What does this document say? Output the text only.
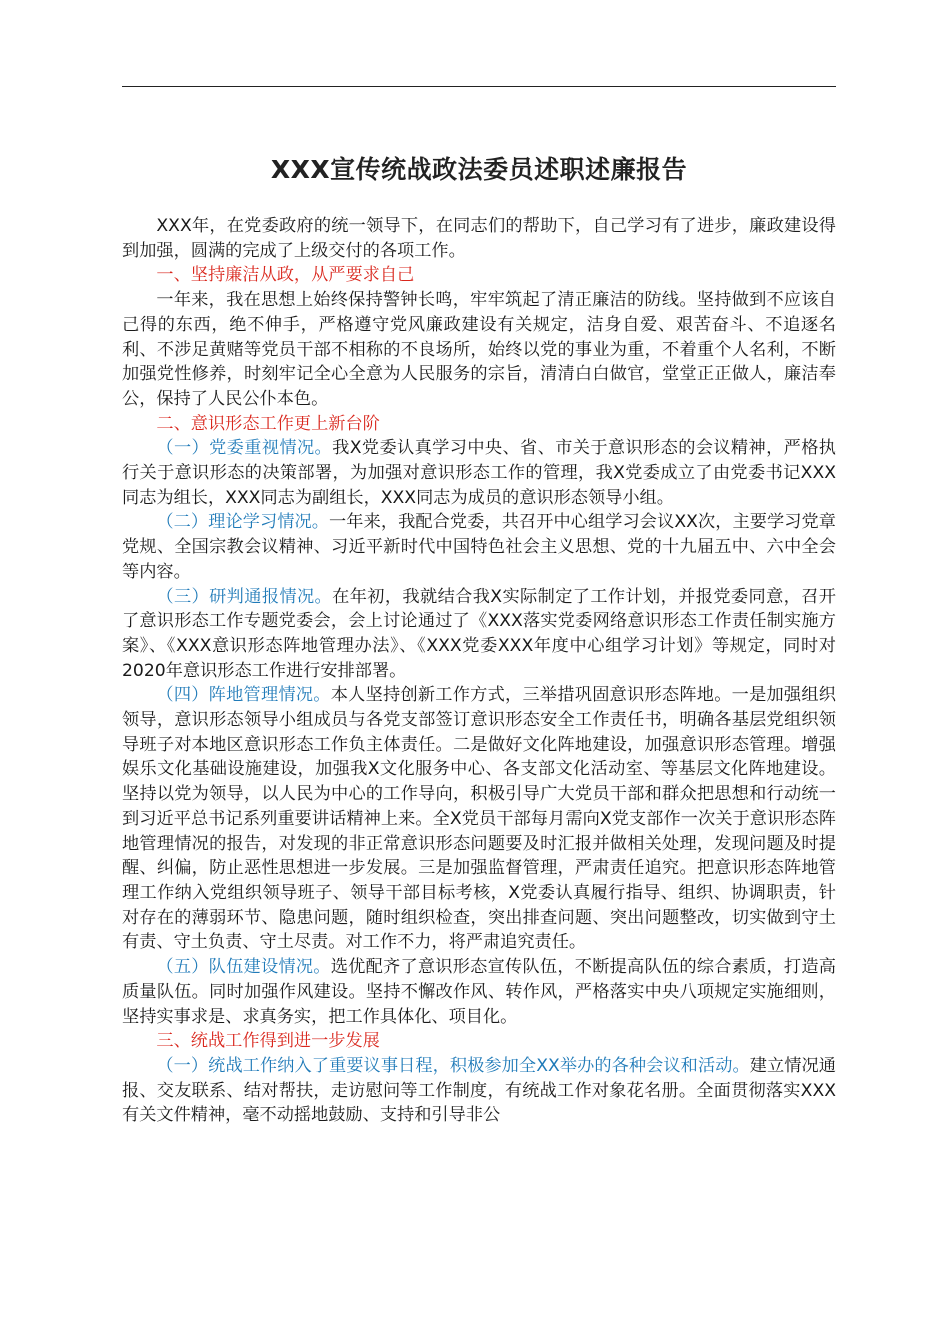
XXX宣传统战政法委员述职述廉报告

XXX年，在党委政府的统一领导下，在同志们的帮助下，自己学习有了进步，廉政建设得到加强，圆满的完成了上级交付的各项工作。

一、坚持廉洁从政，从严要求自己

一年来，我在思想上始终保持警钟长鸣，牢牢筑起了清正廉洁的防线。坚持做到不应该自己得的东西，绝不伸手，严格遵守党风廉政建设有关规定，洁身自爱、艰苦奋斗、不追逐名利、不涉足黄赌等党员干部不相称的不良场所，始终以党的事业为重，不着重个人名利，不断加强党性修养，时刻牢记全心全意为人民服务的宗旨，清清白白做官，堂堂正正做人，廉洁奉公，保持了人民公仆本色。

二、意识形态工作更上新台阶

（一）党委重视情况。我X党委认真学习中央、省、市关于意识形态的会议精神，严格执行关于意识形态的决策部署，为加强对意识形态工作的管理，我X党委成立了由党委书记XXX同志为组长，XXX同志为副组长，XXX同志为成员的意识形态领导小组。

（二）理论学习情况。一年来，我配合党委，共召开中心组学习会议XX次，主要学习党章党规、全国宗教会议精神、习近平新时代中国特色社会主义思想、党的十九届五中、六中全会等内容。

（三）研判通报情况。在年初，我就结合我X实际制定了工作计划，并报党委同意，召开了意识形态工作专题党委会，会上讨论通过了《XXX落实党委网络意识形态工作责任制实施方案》、《XXX意识形态阵地管理办法》、《XXX党委XXX年度中心组学习计划》等规定，同时对2020年意识形态工作进行安排部署。

（四）阵地管理情况。本人坚持创新工作方式，三举措巩固意识形态阵地。一是加强组织领导，意识形态领导小组成员与各党支部签订意识形态安全工作责任书，明确各基层党组织领导班子对本地区意识形态工作负主体责任。二是做好文化阵地建设，加强意识形态管理。增强娱乐文化基础设施建设，加强我X文化服务中心、各支部文化活动室、等基层文化阵地建设。坚持以党为领导，以人民为中心的工作导向，积极引导广大党员干部和群众把思想和行动统一到习近平总书记系列重要讲话精神上来。全X党员干部每月需向X党支部作一次关于意识形态阵地管理情况的报告，对发现的非正常意识形态问题要及时汇报并做相关处理，发现问题及时提醒、纠偏，防止恶性思想进一步发展。三是加强监督管理，严肃责任追究。把意识形态阵地管理工作纳入党组织领导班子、领导干部目标考核，X党委认真履行指导、组织、协调职责，针对存在的薄弱环节、隐患问题，随时组织检查，突出排查问题、突出问题整改，切实做到守土有责、守土负责、守土尽责。对工作不力，将严肃追究责任。

（五）队伍建设情况。选优配齐了意识形态宣传队伍，不断提高队伍的综合素质，打造高质量队伍。同时加强作风建设。坚持不懈改作风、转作风，严格落实中央八项规定实施细则，坚持实事求是、求真务实，把工作具体化、项目化。

三、统战工作得到进一步发展

（一）统战工作纳入了重要议事日程，积极参加全XX举办的各种会议和活动。建立情况通报、交友联系、结对帮扶，走访慰问等工作制度，有统战工作对象花名册。全面贯彻落实XXX有关文件精神，毫不动摇地鼓励、支持和引导非公
